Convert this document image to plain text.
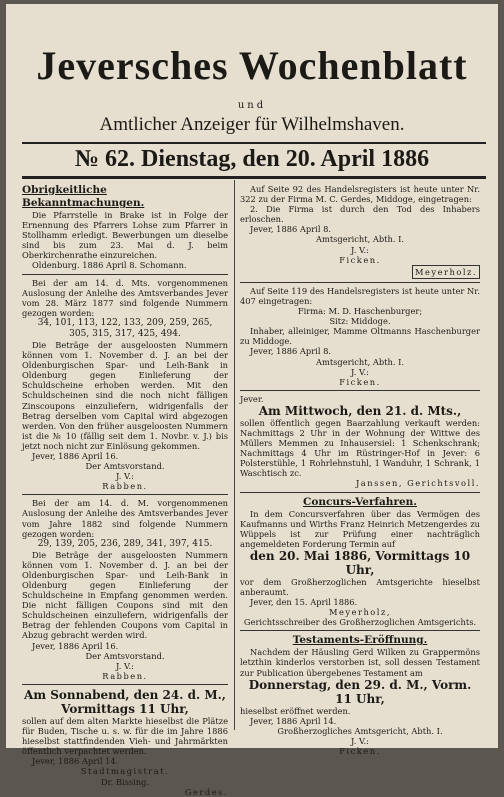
Jeversches Wochenblatt
und
Amtlicher Anzeiger für Wilhelmshaven.
№ 62. Dienstag, den 20. April 1886

Obrigkeitliche Bekanntmachungen.

Die Pfarrstelle in Brake ist in Folge der Ernennung des Pfarrers Lohse zum Pfarrer in Stollhamm erledigt. Bewerbungen um dieselbe sind bis zum 23. Mai d. J. beim Oberkirchenrathe einzureichen.

Oldenburg. 1886 April 8. Schomann.

Bei der am 14. d. Mts. vorgenommenen Auslosung der Anleihe des Amtsverbandes Jever vom 28. März 1877 sind folgende Nummern gezogen worden:

34, 101, 113, 122, 133, 209, 259, 265,

305, 315, 317, 425, 494.

Die Beträge der ausgeloosten Nummern können vom 1. November d. J. an bei der Oldenburgischen Spar- und Leih-Bank in Oldenburg gegen Einlieferung der Schuldscheine erhoben werden. Mit den Schuldscheinen sind die noch nicht fälligen Zinscoupons einzuliefern, widrigenfalls der Betrag derselben vom Capital wird abgezogen werden. Von den früher ausgeloosten Nummern ist die № 10 (fällig seit dem 1. Novbr. v. J.) bis jetzt noch nicht zur Einlösung gekommen.

Jever, 1886 April 16.

Der Amtsvorstand.

J. V.:

Rabben.

Bei der am 14. d. M. vorgenommenen Auslosung der Anleihe des Amtsverbandes Jever vom Jahre 1882 sind folgende Nummern gezogen worden:

29, 139, 205, 236, 289, 341, 397, 415.

Die Beträge der ausgeloosten Nummern können vom 1. November d. J. an bei der Oldenburgischen Spar- und Leih-Bank in Oldenburg gegen Einlieferung der Schuldscheine in Empfang genommen werden. Die nicht fälligen Coupons sind mit den Schuldscheinen einzuliefern, widrigenfalls der Betrag der fehlenden Coupons vom Capital in Abzug gebracht werden wird.

Jever, 1886 April 16.

Der Amtsvorstand.

J. V.:

Rabben.

Am Sonnabend, den 24. d. M.,

Vormittags 11 Uhr,

sollen auf dem alten Markte hieselbst die Plätze für Buden, Tische u. s. w. für die im Jahre 1886 hieselbst stattfindenden Vieh- und Jahrmärkten öffentlich verpachtet werden.

Jever, 1886 April 14.

Stadtmagistrat.

Dr. Bissing.

Gerdes.

Auf Seite 92 des Handelsregisters ist heute unter Nr. 322 zu der Firma M. C. Gerdes, Middoge, eingetragen:

2. Die Firma ist durch den Tod des Inhabers erloschen.

Jever, 1886 April 8.

Amtsgericht, Abth. I.

J. V.:

Ficken.

Meyerholz.

Auf Seite 119 des Handelsregisters ist heute unter Nr. 407 eingetragen:

Firma: M. D. Haschenburger;

Sitz: Middoge.

Inhaber, alleiniger, Mamme Oltmanns Haschenburger zu Middoge.

Jever, 1886 April 8.

Amtsgericht, Abth. I.

J. V.:

Ficken.

Jever.

Am Mittwoch, den 21. d. Mts.,

sollen öffentlich gegen Baarzahlung verkauft werden: Nachmittags 2 Uhr in der Wohnung der Wittwe des Müllers Memmen zu Inhausersiel: 1 Schenkschrank; Nachmittags 4 Uhr im Rüstringer-Hof in Jever: 6 Polsterstühle, 1 Rohrlehnstuhl, 1 Wanduhr, 1 Schrank, 1 Waschtisch zc.

Janssen, Gerichtsvoll.

Concurs-Verfahren.

In dem Concursverfahren über das Vermögen des Kaufmanns und Wirths Franz Heinrich Metzengerdes zu Wüppels ist zur Prüfung einer nachträglich angemeldeten Forderung Termin auf

den 20. Mai 1886, Vormittags 10 Uhr,

vor dem Großherzoglichen Amtsgerichte hieselbst anberaumt.

Jever, den 15. April 1886.

Meyerholz,

Gerichtsschreiber des Großherzoglichen Amtsgerichts.

Testaments-Eröffnung.

Nachdem der Häusling Gerd Wilken zu Grappermöns letzthin kinderlos verstorben ist, soll dessen Testament zur Publication übergebenes Testament am

Donnerstag, den 29. d. M., Vorm. 11 Uhr,

hieselbst eröffnet werden.

Jever, 1886 April 14.

Großherzogliches Amtsgericht, Abth. I.

J. V.:

Ficken.
